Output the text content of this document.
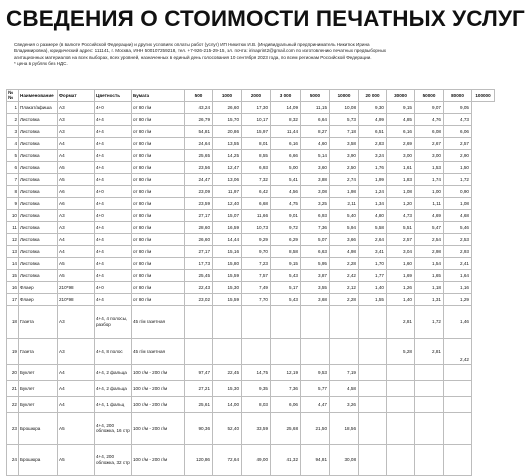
СВЕДЕНИЯ О СТОИМОСТИ ПЕЧАТНЫХ УСЛУГ

Сведения о размере (в валюте Российской Федерации) и других условиях оплаты работ (услуг) ИП Никитюк И.В. (Индивидуальный предприниматель Никитюк Ирина

Владимировна), юридический адрес: 111141, г. Москва, ИНН 500107259218, тел. +7-926-215-29-15, эл. почта: irinaprint2@gmail.com по изготовлению печатных предвыборных

агитационных материалов на всех выборах, всех уровней, назначенных в единый день голосования 10 сентября 2023 года, по всем регионам Российской Федерации.

* цена в рублях без НДС.

№№	Наименование	Формат	Цветность	Бумага	500	1000	2000	3 000	5000	10000	20 000	30000	50000	80000	100000
1	Плакат/афиша	А3	4+0	от 80 г/м	43,24	26,60	17,30	14,09	11,15	10,08	9,30	9,15	9,07	9,05	
2	Листовка	А3	4+4	от 80 г/м	26,79	15,70	10,17	8,32	6,64	5,73	4,99	4,85	4,76	4,73	
3	Листовка	А3	4+4	от 80 г/м	54,81	20,86	15,97	11,44	8,27	7,18	6,51	6,16	6,08	6,06	
4	Листовка	А4	4+4	от 80 г/м	24,64	13,55	8,01	6,16	4,60	3,58	2,83	2,69	2,67	2,57	
5	Листовка	А4	4+4	от 80 г/м	25,65	14,25	8,55	6,66	5,14	3,90	3,24	3,00	3,00	2,90	
6	Листовка	А5	4+4	от 80 г/м	23,56	12,47	6,93	5,00	3,60	2,50	1,76	1,61	1,53	1,50	
7	Листовка	А5	4+4	от 80 г/м	24,47	13,06	7,32	5,41	3,88	2,74	1,99	1,83	1,74	1,72	
8	Листовка	А6	4+0	от 80 г/м	23,09	11,97	6,42	4,56	3,08	1,98	1,24	1,08	1,00	0,90	
9	Листовка	А6	4+4	от 80 г/м	23,59	12,40	6,68	4,75	3,25	2,11	1,34	1,20	1,11	1,08	
10	Листовка	А3	4+0	от 80 г/м	27,17	15,07	11,66	9,01	6,93	5,40	4,80	4,73	4,69	4,68	
11	Листовка	А3	4+4	от 80 г/м	28,60	16,59	10,73	9,72	7,36	5,94	5,58	5,51	5,47	5,46	
12	Листовка	А4	4+4	от 80 г/м	26,60	14,44	9,29	6,29	5,07	3,66	2,64	2,57	2,54	2,53	
13	Листовка	А4	4+4	от 80 г/м	27,17	15,16	9,70	8,58	6,63	4,98	3,41	3,04	2,98	2,93	
14	Листовка	А5	4+4	от 80 г/м	17,73	15,80	7,23	9,15	5,95	2,28	1,70	1,60	1,54	2,41	
15	Листовка	А5	4+4	от 80 г/м	25,45	15,59	7,57	5,43	3,87	2,42	1,77	1,69	1,65	1,64	
16	Флаер	210*98	4+0	от 80 г/м	22,43	15,30	7,49	5,17	3,55	2,12	1,40	1,26	1,18	1,16	
17	Флаер	210*98	4+4	от 80 г/м	23,02	15,59	7,70	5,43	3,68	2,28	1,55	1,40	1,31	1,29	
18	Газета	А3	4+4, 4 полосы, разбор	45 г/м газетная								2,81	1,72	1,46	
19	Газета	А3	4+4, 8 полос	45 г/м газетная								5,28	2,81	2,42	
20	Буклет	А4	4+4, 2 фальца	100 г/м - 200 г/м	97,47	22,45	14,75	12,19	9,53	7,19					
21	Буклет	А4	4+4, 2 фальца	100 г/м - 200 г/м	27,21	15,30	9,35	7,36	5,77	4,58					
22	Буклет	А4	4+4, 1 фальц	100 г/м - 200 г/м	25,61	14,00	8,03	6,06	4,47	3,26					
23	Брошюра	А5	4+4, 200 обложка, 16 стр	100 г/м - 200 г/м	90,36	52,40	33,59	25,68	21,50	18,56					
24	Брошюра	А5	4+4, 200 обложка, 32 стр	100 г/м - 200 г/м	120,86	72,64	49,00	41,32	94,81	30,08					
